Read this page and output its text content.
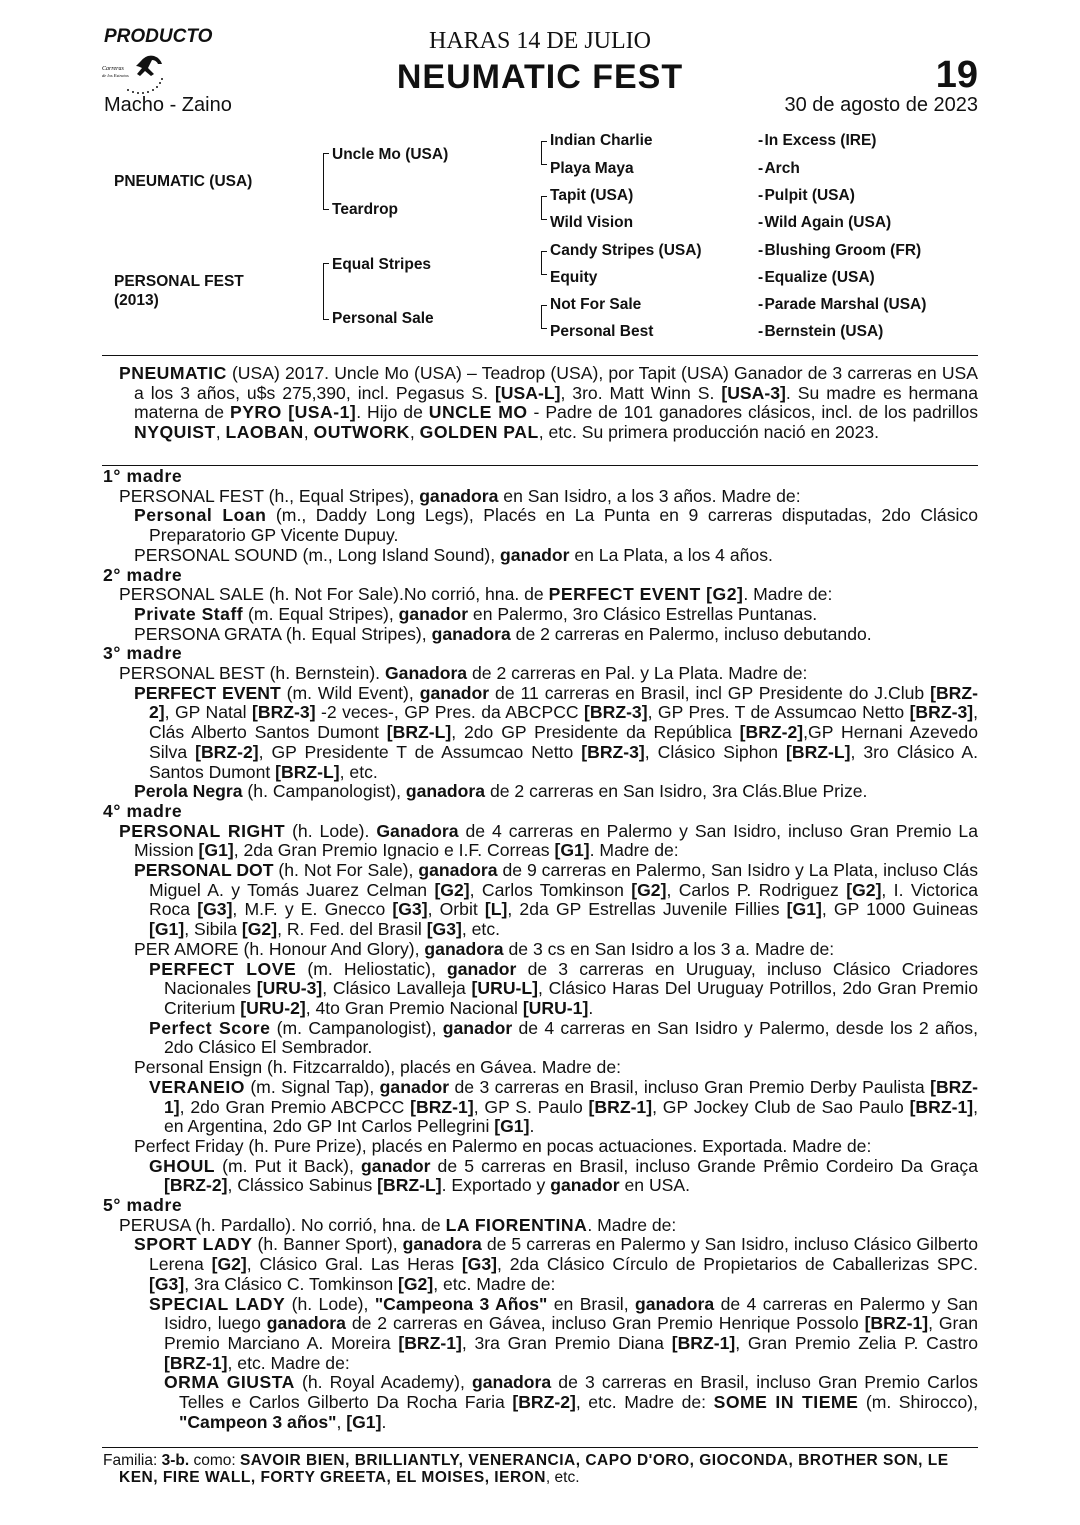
PRODUCTO
Carreras
de los Estratos
HARAS 14 DE JULIO
NEUMATIC FEST	19
Macho - Zaino	30 de agosto de 2023
PNEUMATIC (USA)
PERSONAL FEST
(2013)
Uncle Mo (USA)
Teardrop
Equal Stripes
Personal Sale
Indian Charlie
Playa Maya
Tapit (USA)
Wild Vision
Candy Stripes (USA)
Equity
Not For Sale
Personal Best
- In Excess (IRE)
- Arch
- Pulpit (USA)
- Wild Again (USA)
- Blushing Groom (FR)
- Equalize (USA)
- Parade Marshal (USA)
- Bernstein (USA)

PNEUMATIC (USA) 2017. Uncle Mo (USA) – Teadrop (USA), por Tapit (USA) Ganador de 3 carreras en USA a los 3 años, u$s 275,390, incl. Pegasus S. [USA-L], 3ro. Matt Winn S. [USA-3]. Su madre es hermana materna de PYRO [USA-1]. Hijo de UNCLE MO - Padre de 101 ganadores clásicos, incl. de los padrillos NYQUIST, LAOBAN, OUTWORK, GOLDEN PAL, etc. Su primera producción nació en 2023.

1° madre

PERSONAL FEST (h., Equal Stripes), ganadora en San Isidro, a los 3 años. Madre de:

Personal Loan (m., Daddy Long Legs), Placés en La Punta en 9 carreras disputadas, 2do Clásico Preparatorio GP Vicente Dupuy.

PERSONAL SOUND (m., Long Island Sound), ganador en La Plata, a los 4 años.

2° madre

PERSONAL SALE (h. Not For Sale).No corrió, hna. de PERFECT EVENT [G2]. Madre de:

Private Staff (m. Equal Stripes), ganador en Palermo, 3ro Clásico Estrellas Puntanas.

PERSONA GRATA (h. Equal Stripes), ganadora de 2 carreras en Palermo, incluso debutando.

3° madre

PERSONAL BEST (h. Bernstein). Ganadora de 2 carreras en Pal. y La Plata. Madre de:

PERFECT EVENT (m. Wild Event), ganador de 11 carreras en Brasil, incl GP Presidente do J.Club [BRZ-2], GP Natal [BRZ-3] -2 veces-, GP Pres. da ABCPCC [BRZ-3], GP Pres. T de Assumcao Netto [BRZ-3], Clás Alberto Santos Dumont [BRZ-L], 2do GP Presidente da República [BRZ-2],GP Hernani Azevedo Silva [BRZ-2], GP Presidente T de Assumcao Netto [BRZ-3], Clásico Siphon [BRZ-L], 3ro Clásico A. Santos Dumont [BRZ-L], etc.

Perola Negra (h. Campanologist), ganadora de 2 carreras en San Isidro, 3ra Clás.Blue Prize.

4° madre

PERSONAL RIGHT (h. Lode). Ganadora de 4 carreras en Palermo y San Isidro, incluso Gran Premio La Mission [G1], 2da Gran Premio Ignacio e I.F. Correas [G1]. Madre de:

PERSONAL DOT (h. Not For Sale), ganadora de 9 carreras en Palermo, San Isidro y La Plata, incluso Clás Miguel A. y Tomás Juarez Celman [G2], Carlos Tomkinson [G2], Carlos P. Rodriguez [G2], I. Victorica Roca [G3], M.F. y E. Gnecco [G3], Orbit [L], 2da GP Estrellas Juvenile Fillies [G1], GP 1000 Guineas [G1], Sibila [G2], R. Fed. del Brasil [G3], etc.

PER AMORE (h. Honour And Glory), ganadora de 3 cs en San Isidro a los 3 a. Madre de:

PERFECT LOVE (m. Heliostatic), ganador de 3 carreras en Uruguay, incluso Clásico Criadores Nacionales [URU-3], Clásico Lavalleja [URU-L], Clásico Haras Del Uruguay Potrillos, 2do Gran Premio Criterium [URU-2], 4to Gran Premio Nacional [URU-1].

Perfect Score (m. Campanologist), ganador de 4 carreras en San Isidro y Palermo, desde los 2 años, 2do Clásico El Sembrador.

Personal Ensign (h. Fitzcarraldo), placés en Gávea. Madre de:

VERANEIO (m. Signal Tap), ganador de 3 carreras en Brasil, incluso Gran Premio Derby Paulista [BRZ-1], 2do Gran Premio ABCPCC [BRZ-1], GP S. Paulo [BRZ-1], GP Jockey Club de Sao Paulo [BRZ-1], en Argentina, 2do GP Int Carlos Pellegrini [G1].

Perfect Friday (h. Pure Prize), placés en Palermo en pocas actuaciones. Exportada. Madre de:

GHOUL (m. Put it Back), ganador de 5 carreras en Brasil, incluso Grande Prêmio Cordeiro Da Graça [BRZ-2], Clássico Sabinus [BRZ-L]. Exportado y ganador en USA.

5° madre

PERUSA (h. Pardallo). No corrió, hna. de LA FIORENTINA. Madre de:

SPORT LADY (h. Banner Sport), ganadora de 5 carreras en Palermo y San Isidro, incluso Clásico Gilberto Lerena [G2], Clásico Gral. Las Heras [G3], 2da Clásico Círculo de Propietarios de Caballerizas SPC. [G3], 3ra Clásico C. Tomkinson [G2], etc. Madre de:

SPECIAL LADY (h. Lode), "Campeona 3 Años" en Brasil, ganadora de 4 carreras en Palermo y San Isidro, luego ganadora de 2 carreras en Gávea, incluso Gran Premio Henrique Possolo [BRZ-1], Gran Premio Marciano A. Moreira [BRZ-1], 3ra Gran Premio Diana [BRZ-1], Gran Premio Zelia P. Castro [BRZ-1], etc. Madre de:

ORMA GIUSTA (h. Royal Academy), ganadora de 3 carreras en Brasil, incluso Gran Premio Carlos Telles e Carlos Gilberto Da Rocha Faria [BRZ-2], etc. Madre de: SOME IN TIEME (m. Shirocco), "Campeon 3 años", [G1].

Familia: 3-b. como: SAVOIR BIEN, BRILLIANTLY, VENERANCIA, CAPO D'ORO, GIOCONDA, BROTHER SON, LE KEN, FIRE WALL, FORTY GREETA, EL MOISES, IERON, etc.
